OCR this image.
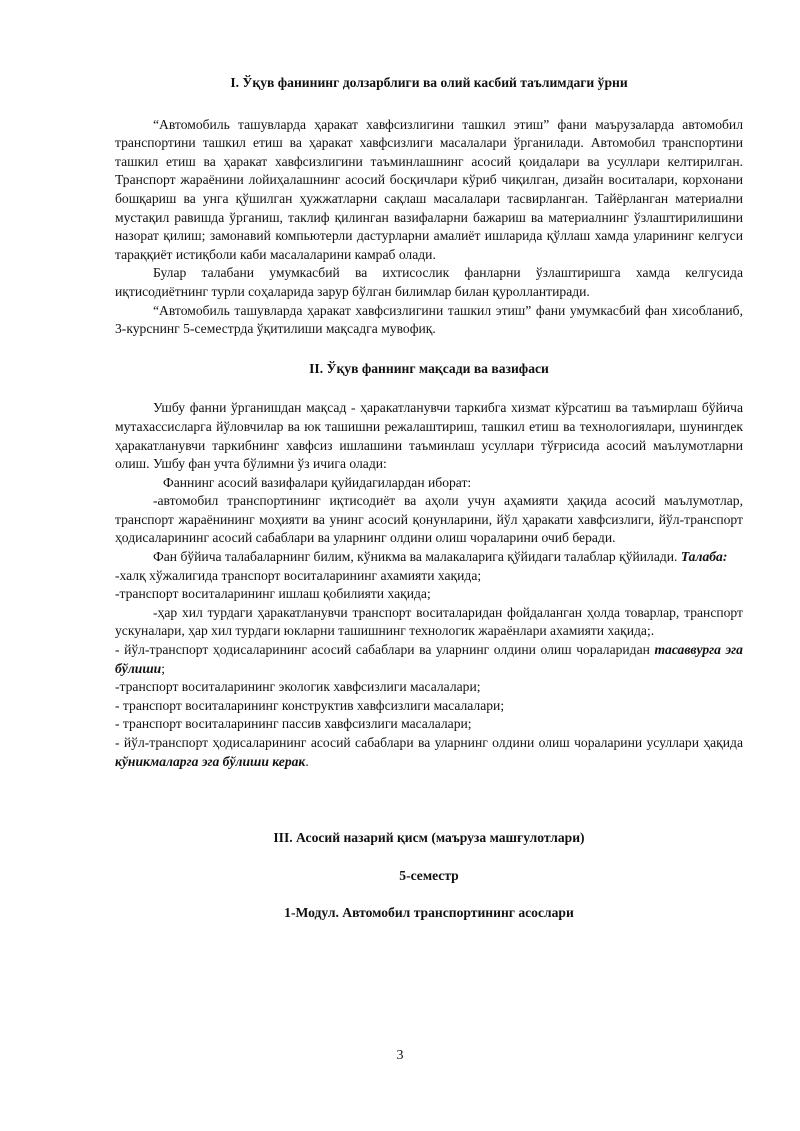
I. Ўқув фанининг долзарблиги ва олий касбий таълимдаги ўрни

“Автомобиль ташувларда ҳаракат хавфсизлигини ташкил этиш” фани маърузаларда автомобил транспортини ташкил етиш ва ҳаракат хавфсизлиги масалалари ўрганилади. Автомобил транспортини ташкил етиш ва ҳаракат хавфсизлигини таъминлашнинг асосий қоидалари ва усуллари келтирилган. Транспорт жараёнини лойиҳалашнинг асосий босқичлари кўриб чиқилган, дизайн воситалари, корхонани бошқариш ва унга қўшилган ҳужжатларни сақлаш масалалари тасвирланган. Тайёрланган материални мустақил равишда ўрганиш, таклиф қилинган вазифаларни бажариш ва материалнинг ўзлаштирилишини назорат қилиш; замонавий компьютерли дастурларни амалиёт ишларида қўллаш хамда уларининг келгуси тараққиёт истиқболи каби масалаларини камраб олади.

Булар талабани умумкасбий ва ихтисослик фанларни ўзлаштиришга хамда келгусида иқтисодиётнинг турли соҳаларида зарур бўлган билимлар билан қуроллантиради.

“Автомобиль ташувларда ҳаракат хавфсизлигини ташкил этиш” фани умумкасбий фан хисобланиб, 3-курснинг 5-семестрда ўқитилиши мақсадга мувофиқ.

II. Ўқув фаннинг мақсади ва вазифаси

Ушбу фанни ўрганишдан мақсад - ҳаракатланувчи таркибга хизмат кўрсатиш ва таъмирлаш бўйича мутахассисларга йўловчилар ва юк ташишни режалаштириш, ташкил етиш ва технологиялари, шунингдек ҳаракатланувчи таркибнинг хавфсиз ишлашини таъминлаш усуллари тўғрисида асосий маълумотларни олиш. Ушбу фан учта бўлимни ўз ичига олади:

Фаннинг асосий вазифалари қуйидагилардан иборат:

-автомобил транспортининг иқтисодиёт ва аҳоли учун аҳамияти ҳақида асосий маълумотлар, транспорт жараёнининг моҳияти ва унинг асосий қонунларини, йўл ҳаракати хавфсизлиги, йўл-транспорт ҳодисаларининг асосий сабаблари ва уларнинг олдини олиш чораларини очиб беради.

Фан бўйича талабаларнинг билим, кўникма ва малакаларига қўйидаги талаблар қўйилади. Талаба:

-халқ хўжалигида транспорт воситаларининг ахамияти хақида;

-транспорт воситаларининг ишлаш қобилияти хақида;

-ҳар хил турдаги ҳаракатланувчи транспорт воситаларидан фойдаланган ҳолда товарлар, транспорт ускуналари, ҳар хил турдаги юкларни ташишнинг технологик жараёнлари ахамияти хақида;.

- йўл-транспорт ҳодисаларининг асосий сабаблари ва уларнинг олдини олиш чораларидан тасаввурга эга бўлиши;

-транспорт воситаларининг экологик хавфсизлиги масалалари;

- транспорт воситаларининг конструктив хавфсизлиги масалалари;

- транспорт воситаларининг пассив хавфсизлиги масалалари;

- йўл-транспорт ҳодисаларининг асосий сабаблари ва уларнинг олдини олиш чораларини усуллари ҳақида кўникмаларга эга бўлиши керак.

III. Асосий назарий қисм (маъруза машғулотлари)

5-семестр

1-Модул. Автомобил транспортининг асослари

3
